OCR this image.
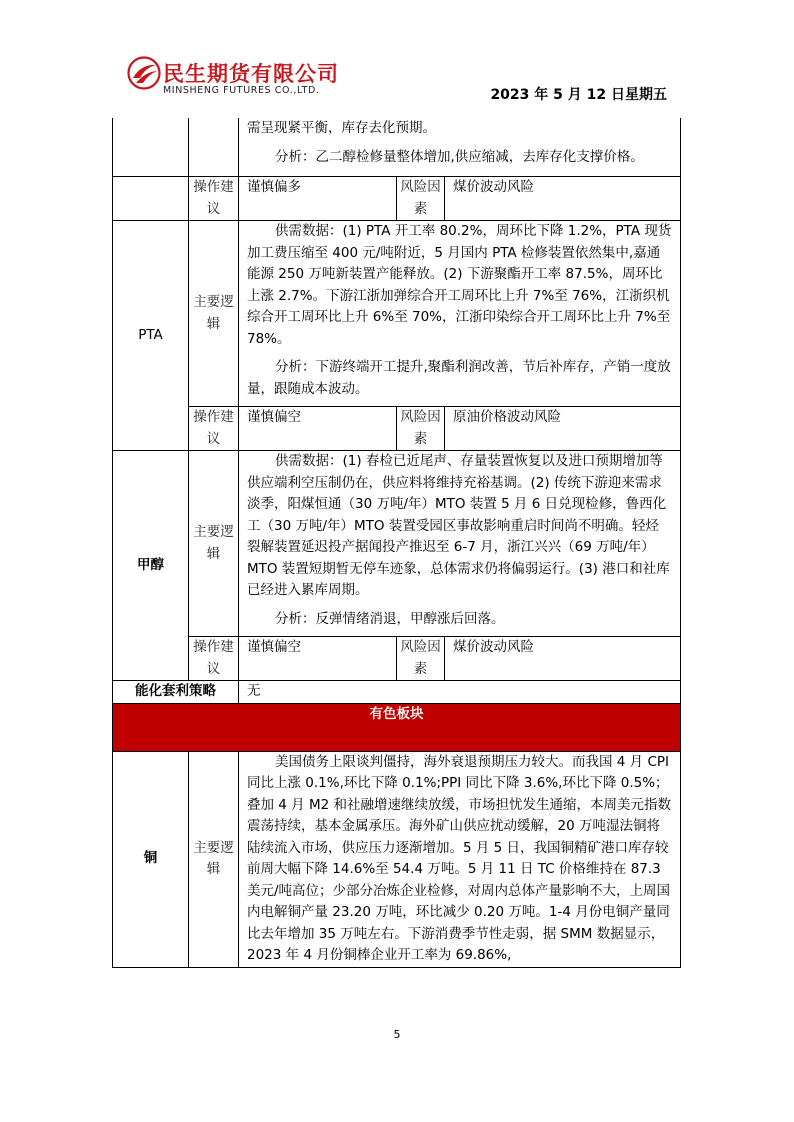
民生期货有限公司
MINSHENG FUTURES CO.,LTD.	2023 年 5 月 12 日星期五

		需呈现紧平衡，库存去化预期。

分析：乙二醇检修量整体增加,供应缩减，去库存化支撑价格。		

	操作建议	谨慎偏多	风险因素	煤价波动风险
PTA	主要逻辑	供需数据：(1) PTA 开工率 80.2%，周环比下降 1.2%，PTA 现货加工费压缩至 400 元/吨附近，5 月国内 PTA 检修装置依然集中,嘉通能源 250 万吨新装置产能释放。(2) 下游聚酯开工率 87.5%，周环比上涨 2.7%。下游江浙加弹综合开工周环比上升 7%至 76%，江浙织机综合开工周环比上升 6%至 70%，江浙印染综合开工周环比上升 7%至 78%。

分析：下游终端开工提升,聚酯利润改善，节后补库存，产销一度放量，跟随成本波动。		

	操作建议	谨慎偏空	风险因素	原油价格波动风险
甲醇	主要逻辑	供需数据：(1) 春检已近尾声、存量装置恢复以及进口预期增加等供应端利空压制仍在，供应料将维持充裕基调。(2) 传统下游迎来需求淡季，阳煤恒通（30 万吨/年）MTO 装置 5 月 6 日兑现检修，鲁西化工（30 万吨/年）MTO 装置受园区事故影响重启时间尚不明确。轻烃裂解装置延迟投产据闻投产推迟至 6-7 月，浙江兴兴（69 万吨/年）MTO 装置短期暂无停车迹象，总体需求仍将偏弱运行。(3) 港口和社库已经进入累库周期。

分析：反弹情绪消退，甲醇涨后回落。		

	操作建议	谨慎偏空	风险因素	煤价波动风险
能化套利策略		无		
有色板块				
铜	主要逻辑	美国债务上限谈判僵持，海外衰退预期压力较大。而我国 4 月 CPI 同比上涨 0.1%,环比下降 0.1%;PPI 同比下降 3.6%,环比下降 0.5%；叠加 4 月 M2 和社融增速继续放缓，市场担忧发生通缩，本周美元指数震荡持续，基本金属承压。海外矿山供应扰动缓解，20 万吨湿法铜将陆续流入市场，供应压力逐渐增加。5 月 5 日，我国铜精矿港口库存较前周大幅下降 14.6%至 54.4 万吨。5 月 11 日 TC 价格维持在 87.3 美元/吨高位；少部分冶炼企业检修，对周内总体产量影响不大，上周国内电解铜产量 23.20 万吨，环比减少 0.20 万吨。1-4 月份电铜产量同比去年增加 35 万吨左右。下游消费季节性走弱，据 SMM 数据显示，2023 年 4 月份铜棒企业开工率为 69.86%,		

5
